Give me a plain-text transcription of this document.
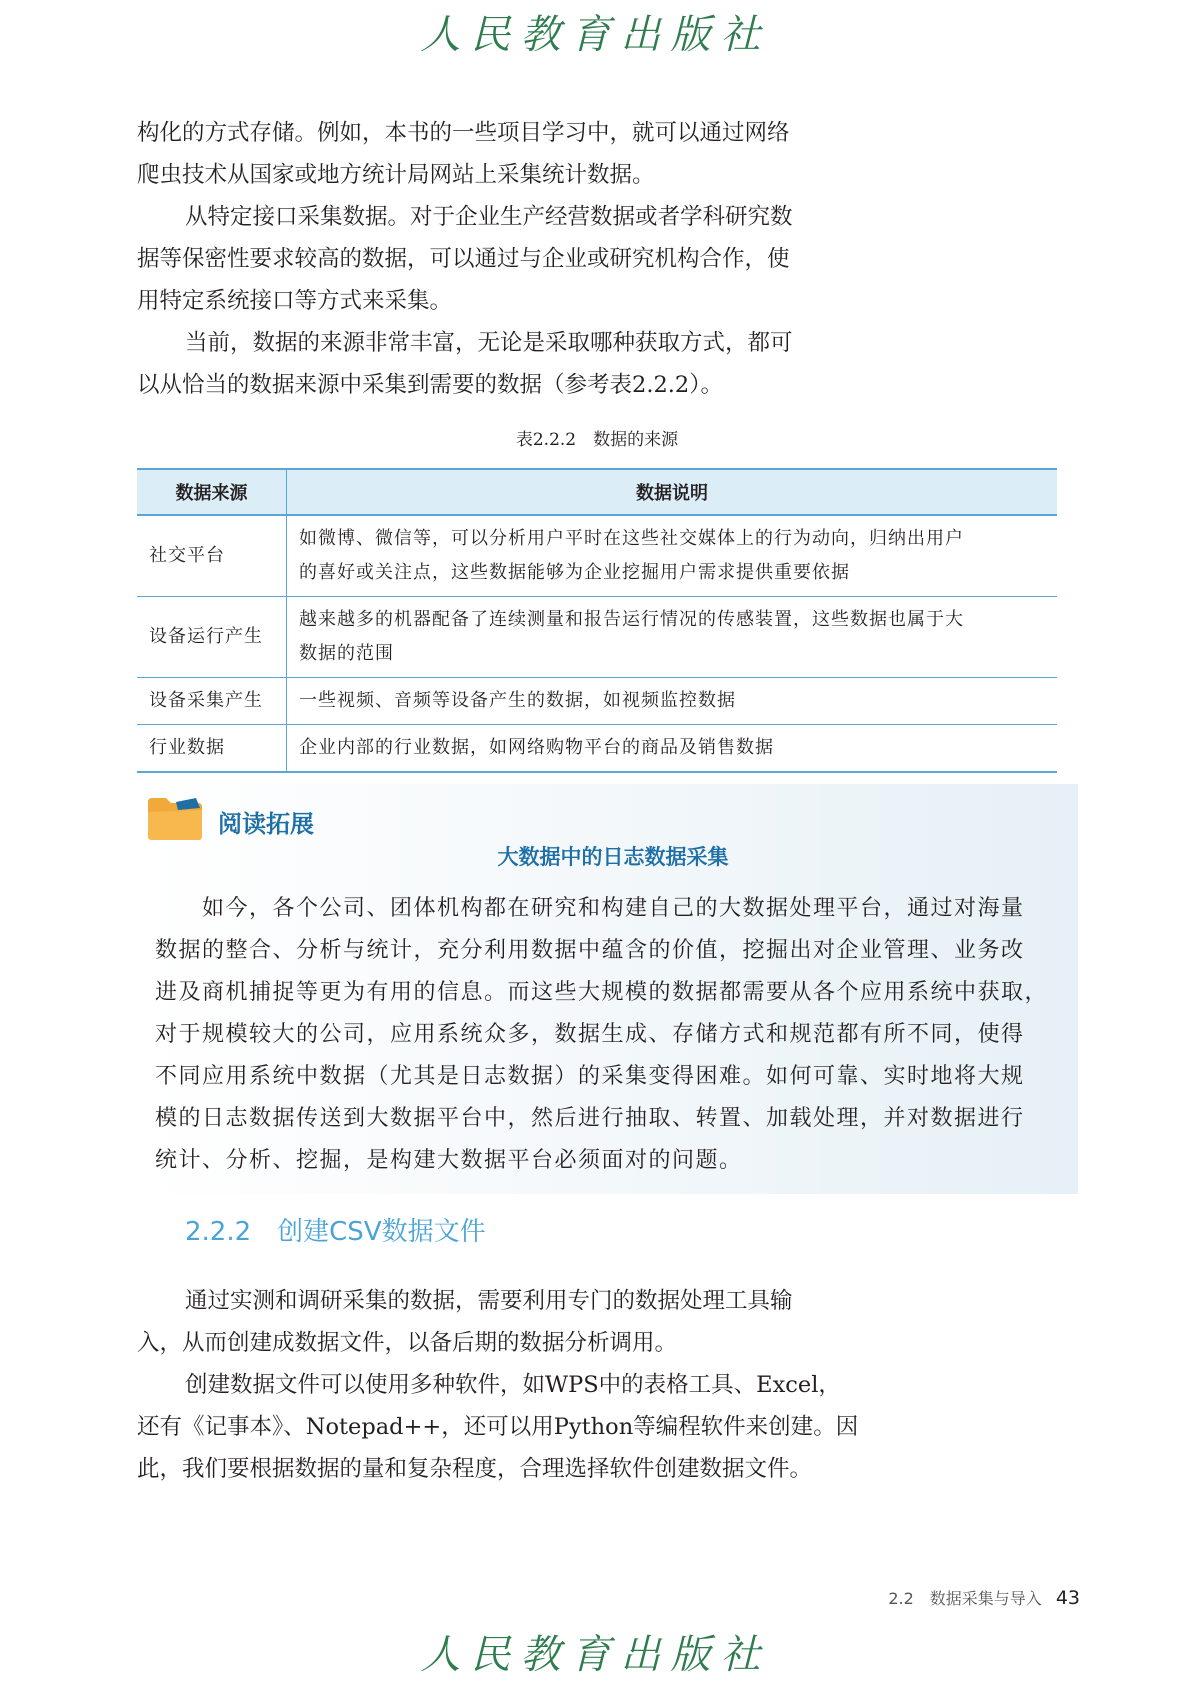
人民教育出版社
构化的方式存储。例如，本书的一些项目学习中，就可以通过网络
爬虫技术从国家或地方统计局网站上采集统计数据。
从特定接口采集数据。对于企业生产经营数据或者学科研究数
据等保密性要求较高的数据，可以通过与企业或研究机构合作，使
用特定系统接口等方式来采集。
当前，数据的来源非常丰富，无论是采取哪种获取方式，都可
以从恰当的数据来源中采集到需要的数据（参考表2.2.2）。
表2.2.2　数据的来源
数据来源	数据说明
社交平台	如微博、微信等，可以分析用户平时在这些社交媒体上的行为动向，归纳出用户
的喜好或关注点，这些数据能够为企业挖掘用户需求提供重要依据
设备运行产生	越来越多的机器配备了连续测量和报告运行情况的传感装置，这些数据也属于大
数据的范围
设备采集产生	一些视频、音频等设备产生的数据，如视频监控数据
行业数据	企业内部的行业数据，如网络购物平台的商品及销售数据
阅读拓展
大数据中的日志数据采集
　　如今，各个公司、团体机构都在研究和构建自己的大数据处理平台，通过对海量
数据的整合、分析与统计，充分利用数据中蕴含的价值，挖掘出对企业管理、业务改
进及商机捕捉等更为有用的信息。而这些大规模的数据都需要从各个应用系统中获取，
对于规模较大的公司，应用系统众多，数据生成、存储方式和规范都有所不同，使得
不同应用系统中数据（尤其是日志数据）的采集变得困难。如何可靠、实时地将大规
模的日志数据传送到大数据平台中，然后进行抽取、转置、加载处理，并对数据进行
统计、分析、挖掘，是构建大数据平台必须面对的问题。
2.2.2 创建CSV数据文件
通过实测和调研采集的数据，需要利用专门的数据处理工具输
入，从而创建成数据文件，以备后期的数据分析调用。
创建数据文件可以使用多种软件，如WPS中的表格工具、Excel，
还有《记事本》、Notepad++，还可以用Python等编程软件来创建。因
此，我们要根据数据的量和复杂程度，合理选择软件创建数据文件。
2.2　数据采集与导入 43
人民教育出版社
